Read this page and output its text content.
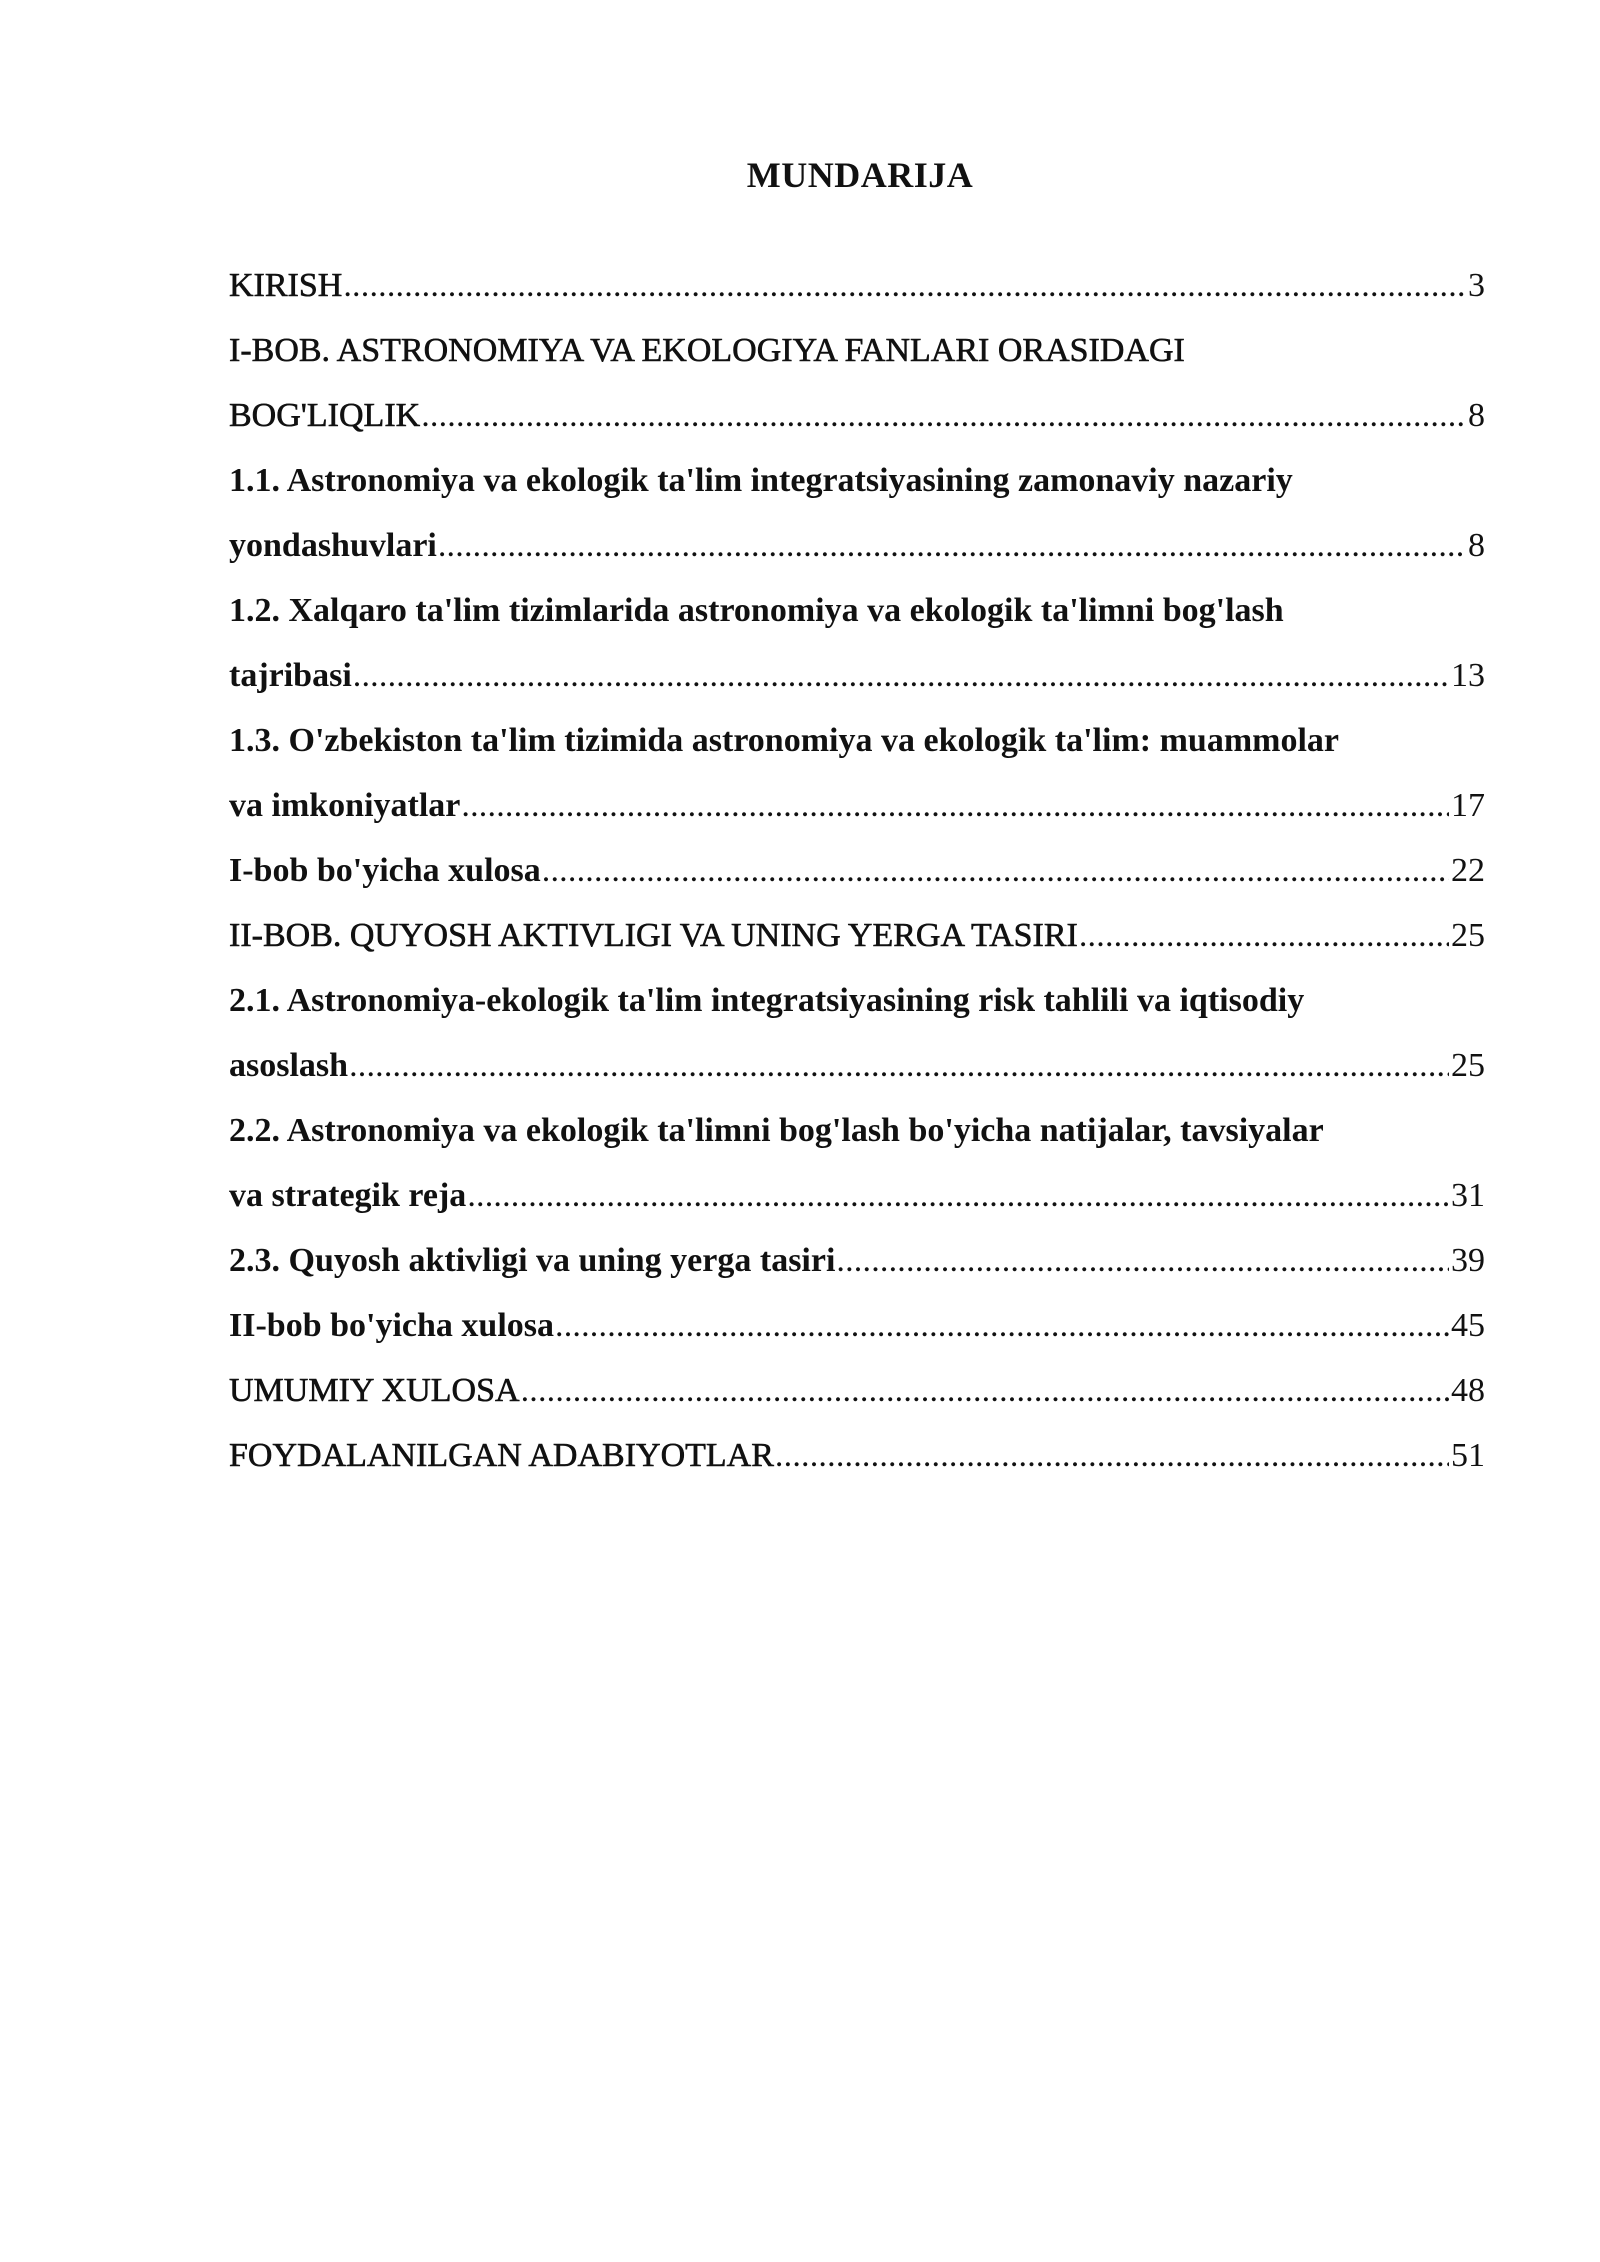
MUNDARIJA
KIRISH .....	3
I-BOB. ASTRONOMIYA VA EKOLOGIYA FANLARI ORASIDAGI
BOG'LIQLIK .....	8
1.1. Astronomiya va ekologik ta'lim integratsiyasining zamonaviy nazariy
yondashuvlari .....	8
1.2. Xalqaro ta'lim tizimlarida astronomiya va ekologik ta'limni bog'lash
tajribasi .....	13
1.3. O'zbekiston ta'lim tizimida astronomiya va ekologik ta'lim: muammolar
va imkoniyatlar .....	17
I-bob bo'yicha xulosa .....	22
II-BOB. QUYOSH AKTIVLIGI VA UNING YERGA TASIRI .....	25
2.1. Astronomiya-ekologik ta'lim integratsiyasining risk tahlili va iqtisodiy
asoslash .....	25
2.2. Astronomiya va ekologik ta'limni bog'lash bo'yicha natijalar, tavsiyalar
va strategik reja .....	31
2.3. Quyosh aktivligi va uning yerga tasiri .....	39
II-bob bo'yicha xulosa .....	45
UMUMIY XULOSA .....	48
FOYDALANILGAN ADABIYOTLAR .....	51
